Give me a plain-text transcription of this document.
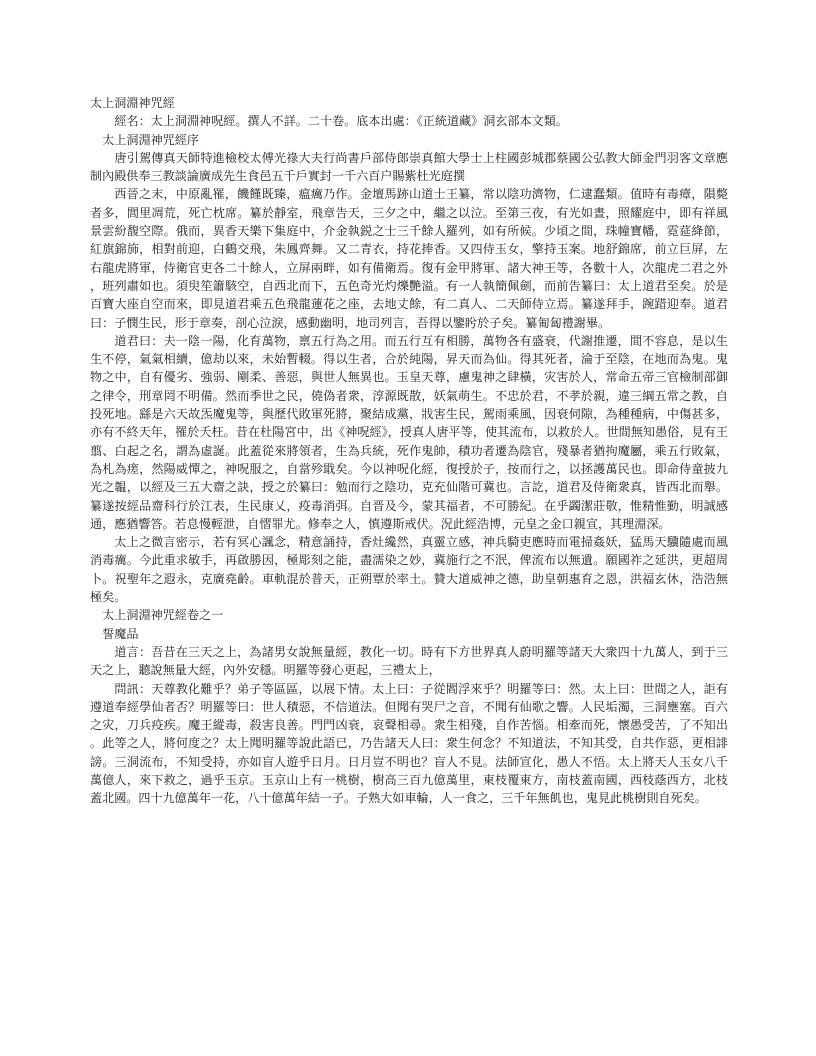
太上洞淵神咒經

經名：太上洞淵神呪經。撰人不詳。二十卷。底本出處：《正統道藏》洞玄部本文類。

太上洞淵神咒經序

唐引駕傳真天師特進檢校太傅光祿大夫行尚書戶部侍郎崇真館大學士上柱國彭城郡蔡國公弘教大師金門羽客文章應制內殿供奉三教談論廣成先生食邑五千戶實封一千六百户賜紫杜光庭撰

西晉之末，中原亂罹，饑饉既臻，瘟癘乃作。金壇馬跡山道士王纂，常以陰功濟物，仁逮蠢類。值時有毒瘴，隕斃者多，閭里凋荒，死亡枕席。纂於靜室，飛章告天，三夕之中，繼之以泣。至第三夜，有光如晝，照耀庭中，即有祥風景雲紛馥空際。俄而，異香天樂下集庭中，介金執鋭之士三千餘人羅列，如有所候。少頃之間，珠幢寶幡，霓莚絳節，紅旗錦斾，相對前迎，白鶴交飛，朱鳳齊舞。又二青衣，持花捧香。又四侍玉女，擎持玉案。地舒錦席，前立巨屏，左右龍虎將軍，侍衛官吏各二十餘人，立屏兩畔，如有備衛焉。復有金甲將軍、諸大神王等，各數十人，次龍虎二君之外，班列肅如也。須臾笙簫駭空，自西北而下，五色奇光灼爍艷溢。有一人執簡佩劍，而前告纂曰：太上道君至矣。於是百寶大座自空而來，即見道君乘五色飛龍蓮花之座，去地丈餘，有二真人、二天師侍立焉。纂遂拜手，踠踖迎奉。道君曰：子憫生民，形于章奏，剖心泣淚，感動幽明，地司列言，吾得以鑒盻於子矣。纂匍匐禮謝畢。

道君曰：夫一陰一陽，化育萬物，禀五行為之用。而五行互有相勝，萬物各有盛衰，代謝推遷，間不容息，是以生生不停，氣氣相續，億劫以來，未始暫輟。得以生者，合於純陽，昇天而為仙。得其死者，淪于至陰，在地而為鬼。鬼物之中，自有優劣、強弱、剛柔、善惡，與世人無異也。玉皇天尊，慮鬼神之肆橫，灾害於人，常命五帝三官檢制部御之律令，刑章罔不明備。然而季世之民，僥偽者衆，淳源既散，妖氣萌生。不忠於君，不孝於親，違三綱五常之教，自投死地。繇是六天故炁魔鬼等，與歷代敗軍死將，聚結成黨，戕害生民，駕雨乘風，因衰伺隙，為種種病，中傷甚多，亦有不終天年，罹於夭枉。昔在杜陽宮中，出《神呪經》，授真人唐平等，使其流布，以救於人。世間無知愚俗，見有王翦、白起之名，謂為虛誕。此蓋從來將領者，生為兵統，死作鬼帥，積功者遷為陰官，殘暴者猶拘魔屬，乘五行敗氣，為札為瘥，然陽威憚之，神呪服之，自當殄戢矣。今以神呪化經，復授於子，按而行之，以拯護萬民也。即命侍童披九光之韞，以經及三五大齋之訣，授之於纂曰：勉而行之陰功，克充仙階可冀也。言訖，道君及侍衛衆真，皆西北而舉。纂遂按經品齋科行於江表，生民康乂，疫毒消弭。自晋及今，蒙其福者，不可勝紀。在乎蠲潔莊敬，惟精惟勤，明誠感通，應猶響答。若息慢輕泄，自慴罪尤。修奉之人，慎遵斯戒伏。況此經浩博，元皇之金口親宣，其理淵深。

太上之微言密示，若有冥心諷念，精意誦持，香灶纔然，真靈立感，神兵騎吏應時而電掃姦妖，猛馬天驥隨處而風消毒癘。今此重求敏手，再啟勝因，極彫刻之能，盡濡染之妙，冀施行之不泯，俾流布以無遺。願國祚之延洪，更超周卜。祝聖年之遐永，克廣堯齡。車軌混於普天，正朔覃於率土。贊大道威神之德，助皇朝惠育之恩，洪福玄休，浩浩無極矣。

太上洞淵神咒經卷之一

誓魔品

道言：吾昔在三天之上，為諸男女說無量經，教化一切。時有下方世界真人蔚明羅等諸天大衆四十九萬人，到于三天之上，聽說無量大經，內外安穩。明羅等發心更起，三禮太上，

問訊：天尊教化難乎？弟子等區區，以展下情。太上曰：子從閻浮來乎？明羅等曰：然。太上曰：世間之人，詎有遵道奉經學仙者否？明羅等曰：世人積惡，不信道法。但聞有哭尸之音，不聞有仙歌之響。人民垢濁，三洞壅塞。百六之灾，刀兵疫疾。魔王縱毒，殺害良善。門門凶衰，哀聲相尋。衆生相殘，自作苦惱。相牽而死，懷愚受苦，了不知出。此等之人，將何度之？太上聞明羅等說此語已，乃告諸天人曰：衆生何念？不知道法，不知其受，自共作惡，更相誹謗。三洞流布，不知受持，亦如盲人遊乎日月。日月豈不明也？盲人不見。法師宣化，愚人不悟。太上將天人玉女八千萬億人，來下救之，過乎玉京。玉京山上有一桃樹，樹高三百九億萬里，東枝覆東方，南枝蓋南國，西枝蔭西方，北枝蓋北國。四十九億萬年一花，八十億萬年結一子。子熟大如車輪，人一食之，三千年無飢也，鬼見此桃樹則自死矣。
